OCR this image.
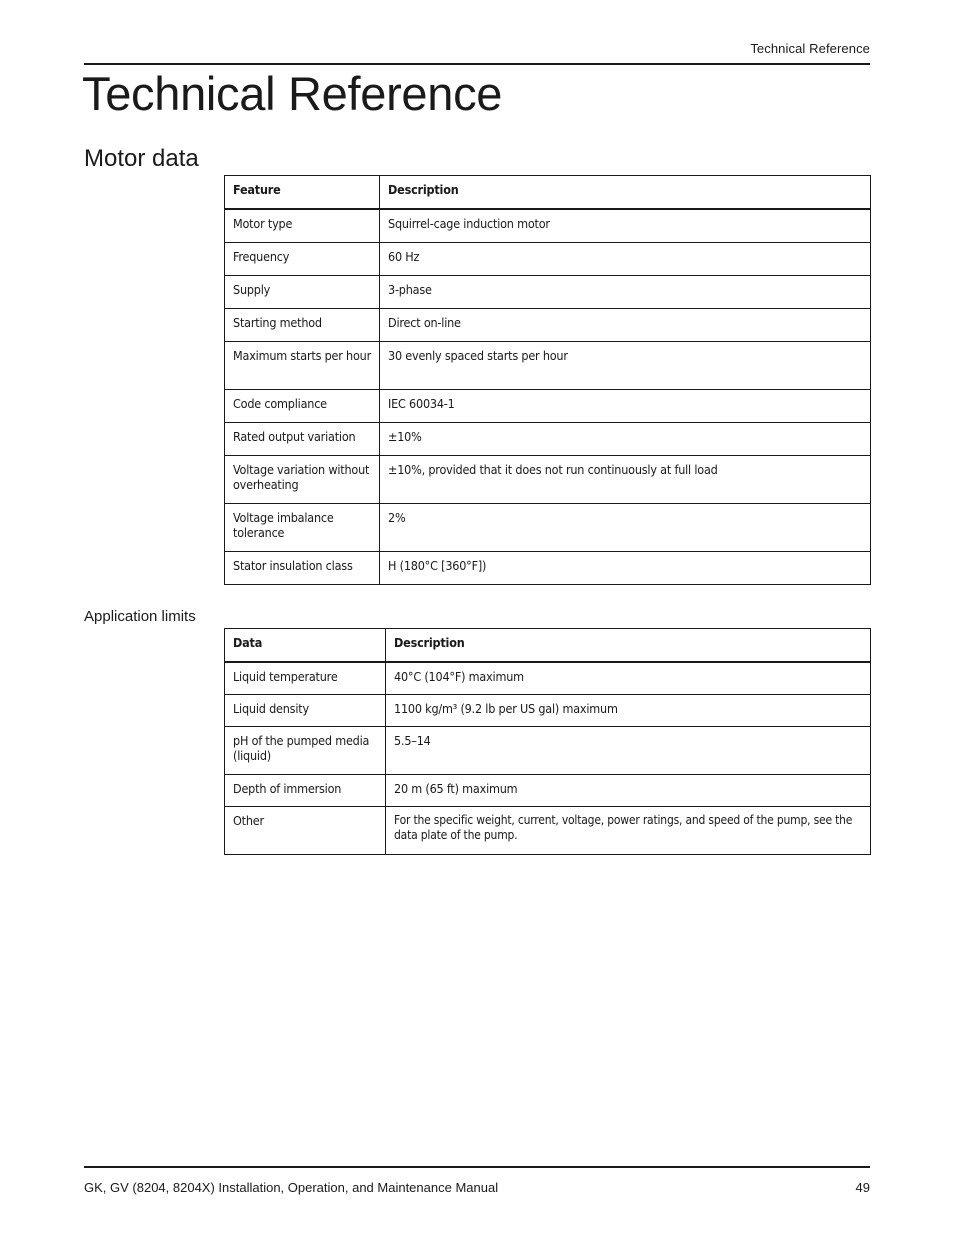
Technical Reference
Technical Reference
Motor data
Feature	Description
Motor type	Squirrel-cage induction motor
Frequency	60 Hz
Supply	3-phase
Starting method	Direct on-line
Maximum starts per hour	30 evenly spaced starts per hour
Code compliance	IEC 60034-1
Rated output variation	±10%
Voltage variation without overheating	±10%, provided that it does not run continuously at full load
Voltage imbalance tolerance	2%
Stator insulation class	H (180°C [360°F])
Application limits
Data	Description
Liquid temperature	40°C (104°F) maximum
Liquid density	1100 kg/m³ (9.2 lb per US gal) maximum
pH of the pumped media (liquid)	5.5–14
Depth of immersion	20 m (65 ft) maximum
Other	For the specific weight, current, voltage, power ratings, and speed of the pump, see the data plate of the pump.
GK, GV (8204, 8204X) Installation, Operation, and Maintenance Manual	49
